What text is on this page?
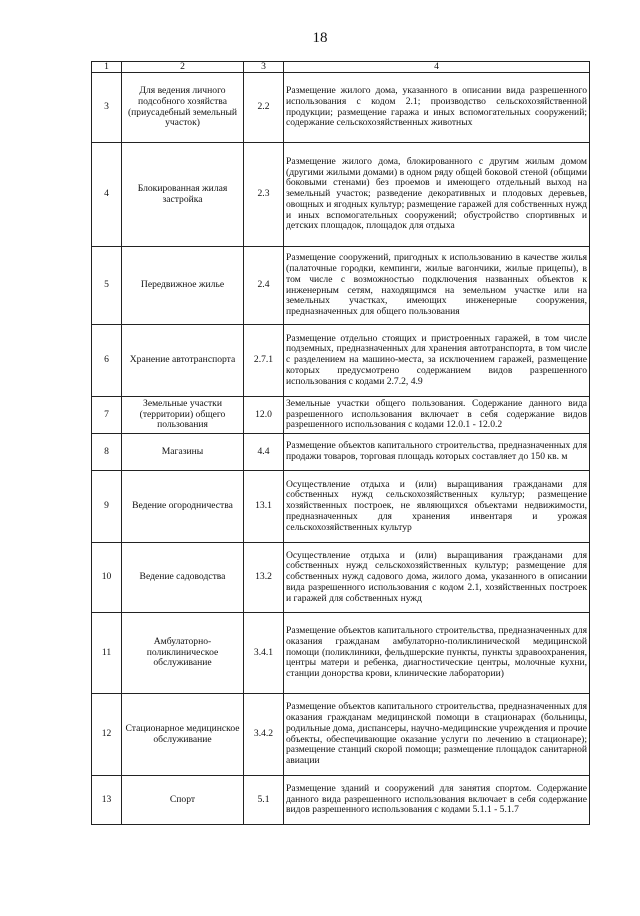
18
1	2	3	4
3	Для ведения личного подсобного хозяйства (приусадебный земельный участок)	2.2	Размещение жилого дома, указанного в описании вида разрешенного использования с кодом 2.1; производство сельскохозяйственной продукции; размещение гаража и иных вспомогательных сооружений; содержание сельскохозяйственных животных
4	Блокированная жилая застройка	2.3	Размещение жилого дома, блокированного с другим жилым домом (другими жилыми домами) в одном ряду общей боковой стеной (общими боковыми стенами) без проемов и имеющего отдельный выход на земельный участок; разведение декоративных и плодовых деревьев, овощных и ягодных культур; размещение гаражей для собственных нужд и иных вспомогательных сооружений; обустройство спортивных и детских площадок, площадок для отдыха
5	Передвижное жилье	2.4	Размещение сооружений, пригодных к использованию в качестве жилья (палаточные городки, кемпинги, жилые вагончики, жилые прицепы), в том числе с возможностью подключения названных объектов к инженерным сетям, находящимся на земельном участке или на земельных участках, имеющих инженерные сооружения, предназначенных для общего пользования
6	Хранение автотранспорта	2.7.1	Размещение отдельно стоящих и пристроенных гаражей, в том числе подземных, предназначенных для хранения автотранспорта, в том числе с разделением на машино-места, за исключением гаражей, размещение которых предусмотрено содержанием видов разрешенного использования с кодами 2.7.2, 4.9
7	Земельные участки (территории) общего пользования	12.0	Земельные участки общего пользования. Содержание данного вида разрешенного использования включает в себя содержание видов разрешенного использования с кодами 12.0.1 - 12.0.2
8	Магазины	4.4	Размещение объектов капитального строительства, предназначенных для продажи товаров, торговая площадь которых составляет до 150 кв. м
9	Ведение огородничества	13.1	Осуществление отдыха и (или) выращивания гражданами для собственных нужд сельскохозяйственных культур; размещение хозяйственных построек, не являющихся объектами недвижимости, предназначенных для хранения инвентаря и урожая сельскохозяйственных культур
10	Ведение садоводства	13.2	Осуществление отдыха и (или) выращивания гражданами для собственных нужд сельскохозяйственных культур; размещение для собственных нужд садового дома, жилого дома, указанного в описании вида разрешенного использования с кодом 2.1, хозяйственных построек и гаражей для собственных нужд
11	Амбулаторно-поликлиническое обслуживание	3.4.1	Размещение объектов капитального строительства, предназначенных для оказания гражданам амбулаторно-поликлинической медицинской помощи (поликлиники, фельдшерские пункты, пункты здравоохранения, центры матери и ребенка, диагностические центры, молочные кухни, станции донорства крови, клинические лаборатории)
12	Стационарное медицинское обслуживание	3.4.2	Размещение объектов капитального строительства, предназначенных для оказания гражданам медицинской помощи в стационарах (больницы, родильные дома, диспансеры, научно-медицинские учреждения и прочие объекты, обеспечивающие оказание услуги по лечению в стационаре); размещение станций скорой помощи; размещение площадок санитарной авиации
13	Спорт	5.1	Размещение зданий и сооружений для занятия спортом. Содержание данного вида разрешенного использования включает в себя содержание видов разрешенного использования с кодами 5.1.1 - 5.1.7
